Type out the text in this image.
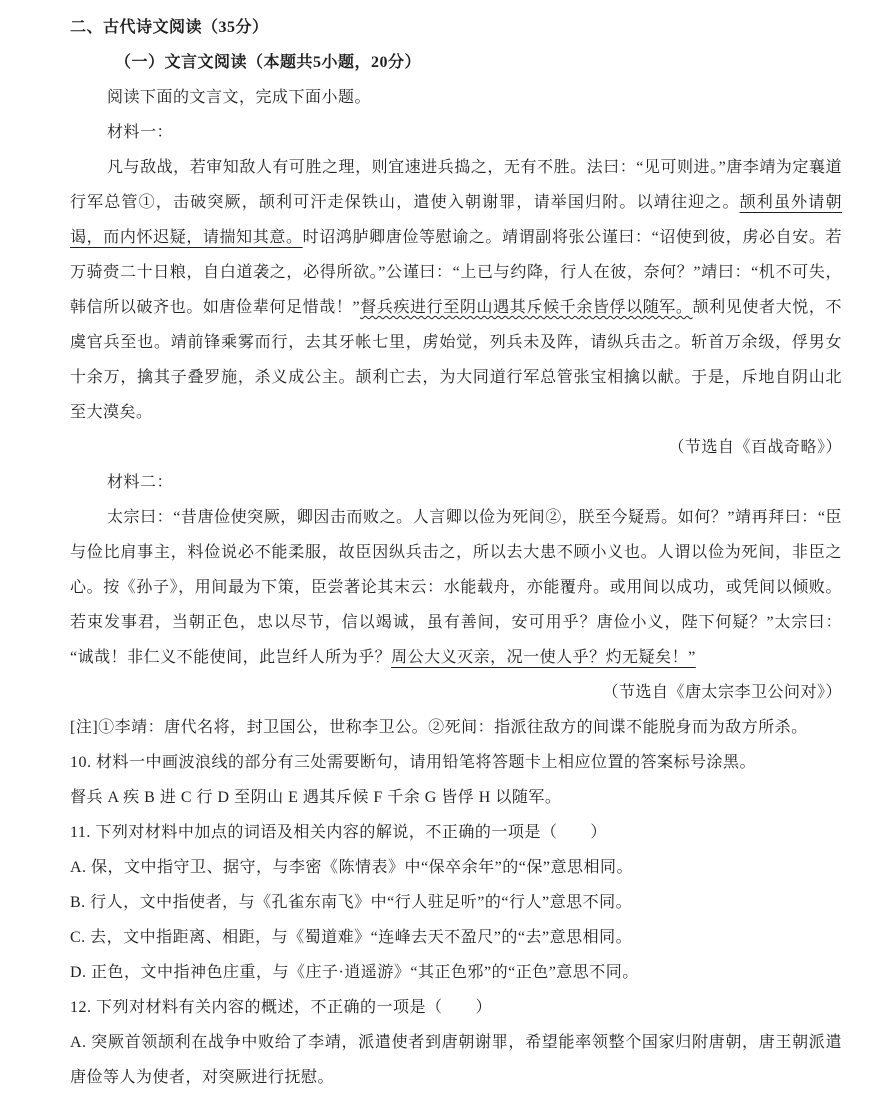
二、古代诗文阅读（35分）

（一）文言文阅读（本题共5小题，20分）

阅读下面的文言文，完成下面小题。

材料一：

凡与敌战，若审知敌人有可胜之理，则宜速进兵捣之，无有不胜。法曰：“见可则进。”唐李靖为定襄道行军总管①，击破突厥，颉利可汗走保铁山，遣使入朝谢罪，请举国归附。以靖往迎之。颉利虽外请朝谒，而内怀迟疑，请揣知其意。时诏鸿胪卿唐俭等慰谕之。靖谓副将张公谨曰：“诏使到彼，虏必自安。若万骑赍二十日粮，自白道袭之，必得所欲。”公谨曰：“上已与约降，行人在彼，奈何？”靖曰：“机不可失，韩信所以破齐也。如唐俭辈何足惜哉！”督兵疾进行至阴山遇其斥候千余皆俘以随军。颉利见使者大悦，不虞官兵至也。靖前锋乘雾而行，去其牙帐七里，虏始觉，列兵未及阵，请纵兵击之。斩首万余级，俘男女十余万，擒其子叠罗施，杀义成公主。颉利亡去，为大同道行军总管张宝相擒以献。于是，斥地自阴山北至大漠矣。

（节选自《百战奇略》）

材料二：

太宗曰：“昔唐俭使突厥，卿因击而败之。人言卿以俭为死间②，朕至今疑焉。如何？”靖再拜曰：“臣与俭比肩事主，料俭说必不能柔服，故臣因纵兵击之，所以去大患不顾小义也。人谓以俭为死间，非臣之心。按《孙子》，用间最为下策，臣尝著论其末云：水能载舟，亦能覆舟。或用间以成功，或凭间以倾败。若束发事君，当朝正色，忠以尽节，信以竭诚，虽有善间，安可用乎？唐俭小义，陛下何疑？”太宗曰：“诚哉！非仁义不能使间，此岂纤人所为乎？周公大义灭亲，况一使人乎？灼无疑矣！”

（节选自《唐太宗李卫公问对》）

[注]①李靖：唐代名将，封卫国公，世称李卫公。②死间：指派往敌方的间谍不能脱身而为敌方所杀。

10. 材料一中画波浪线的部分有三处需要断句，请用铅笔将答题卡上相应位置的答案标号涂黑。

督兵 A 疾 B 进 C 行 D 至阴山 E 遇其斥候 F 千余 G 皆俘 H 以随军。

11. 下列对材料中加点的词语及相关内容的解说，不正确的一项是（　　）

A. 保，文中指守卫、据守，与李密《陈情表》中“保卒余年”的“保”意思相同。

B. 行人，文中指使者，与《孔雀东南飞》中“行人驻足听”的“行人”意思不同。

C. 去，文中指距离、相距，与《蜀道难》“连峰去天不盈尺”的“去”意思相同。

D. 正色，文中指神色庄重，与《庄子·逍遥游》“其正色邪”的“正色”意思不同。

12. 下列对材料有关内容的概述，不正确的一项是（　　）

A. 突厥首领颉利在战争中败给了李靖，派遣使者到唐朝谢罪，希望能率领整个国家归附唐朝，唐王朝派遣唐俭等人为使者，对突厥进行抚慰。
